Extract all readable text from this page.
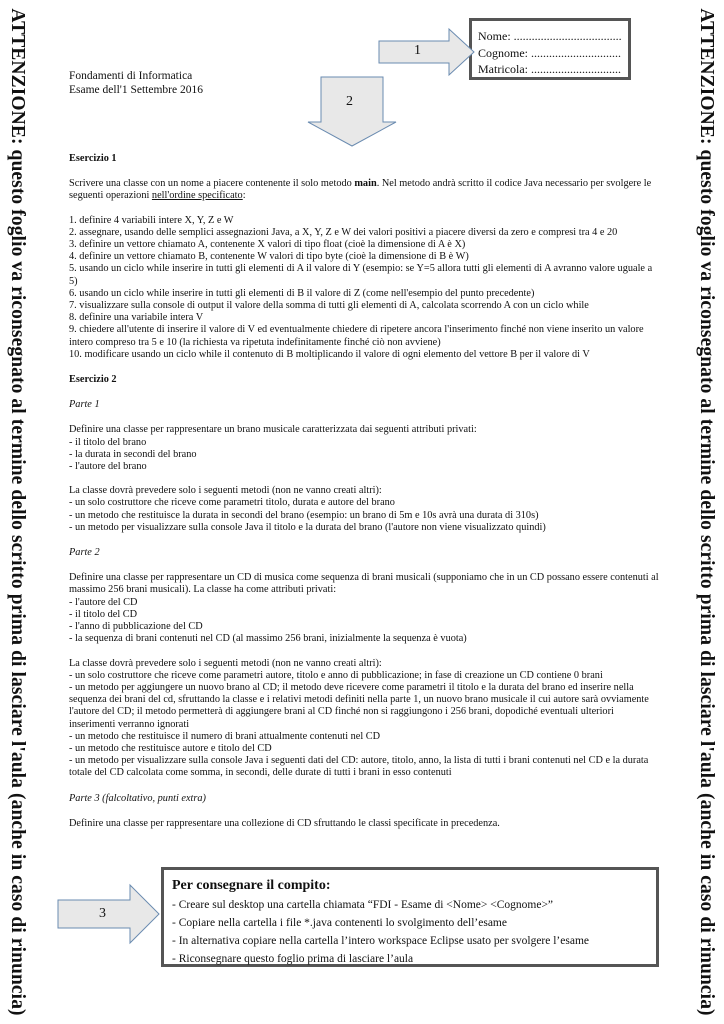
ATTENZIONE: questo foglio va riconsegnato al termine dello scritto prima di lasciare l'aula (anche in caso di rinuncia)	ATTENZIONE: questo foglio va riconsegnato al termine dello scritto prima di lasciare l'aula (anche in caso di rinuncia)
Nome: ....................................
Cognome: ..............................
Matricola: ..............................
1
2
3
Fondamenti di Informatica
Esame dell'1 Settembre 2016

Esercizio 1

Scrivere una classe con un nome a piacere contenente il solo metodo main. Nel metodo andrà scritto il codice Java necessario per svolgere le seguenti operazioni nell'ordine specificato:

1. definire 4 variabili intere X, Y, Z e W

2. assegnare, usando delle semplici assegnazioni Java, a X, Y, Z e W dei valori positivi a piacere diversi da zero e compresi tra 4 e 20

3. definire un vettore chiamato A, contenente X valori di tipo float (cioè la dimensione di A è X)

4. definire un vettore chiamato B, contenente W valori di tipo byte (cioè la dimensione di B è W)

5. usando un ciclo while inserire in tutti gli elementi di A il valore di Y (esempio: se Y=5 allora tutti gli elementi di A avranno valore uguale a 5)

6. usando un ciclo while inserire in tutti gli elementi di B il valore di Z (come nell'esempio del punto precedente)

7. visualizzare sulla console di output il valore della somma di tutti gli elementi di A, calcolata scorrendo A con un ciclo while

8. definire una variabile intera V

9. chiedere all'utente di inserire il valore di V ed eventualmente chiedere di ripetere ancora l'inserimento finché non viene inserito un valore intero compreso tra 5 e 10 (la richiesta va ripetuta indefinitamente finché ciò non avviene)

10. modificare usando un ciclo while il contenuto di B moltiplicando il valore di ogni elemento del vettore B per il valore di V

Esercizio 2

Parte 1

Definire una classe per rappresentare un brano musicale caratterizzata dai seguenti attributi privati:

- il titolo del brano

- la durata in secondi del brano

- l'autore del brano

La classe dovrà prevedere solo i seguenti metodi (non ne vanno creati altri):

- un solo costruttore che riceve come parametri titolo, durata e autore del brano

- un metodo che restituisce la durata in secondi del brano (esempio: un brano di 5m e 10s avrà una durata di 310s)

- un metodo per visualizzare sulla console Java il titolo e la durata del brano (l'autore non viene visualizzato quindi)

Parte 2

Definire una classe per rappresentare un CD di musica come sequenza di brani musicali (supponiamo che in un CD possano essere contenuti al massimo 256 brani musicali). La classe ha come attributi privati:

- l'autore del CD

- il titolo del CD

- l'anno di pubblicazione del CD

- la sequenza di brani contenuti nel CD (al massimo 256 brani, inizialmente la sequenza è vuota)

La classe dovrà prevedere solo i seguenti metodi (non ne vanno creati altri):

- un solo costruttore che riceve come parametri autore, titolo e anno di pubblicazione; in fase di creazione un CD contiene 0 brani

- un metodo per aggiungere un nuovo brano al CD; il metodo deve ricevere come parametri il titolo e la durata del brano ed inserire nella sequenza dei brani del cd, sfruttando la classe e i relativi metodi definiti nella parte 1, un nuovo brano musicale il cui autore sarà ovviamente l'autore del CD; il metodo permetterà di aggiungere brani al CD finché non si raggiungono i 256 brani, dopodiché eventuali ulteriori inserimenti verranno ignorati

- un metodo che restituisce il numero di brani attualmente contenuti nel CD

- un metodo che restituisce autore e titolo del CD

- un metodo per visualizzare sulla console Java i seguenti dati del CD: autore, titolo, anno, la lista di tutti i brani contenuti nel CD e la durata totale del CD calcolata come somma, in secondi, delle durate di tutti i brani in esso contenuti

Parte 3 (falcoltativo, punti extra)

Definire una classe per rappresentare una collezione di CD sfruttando le classi specificate in precedenza.

Per consegnare il compito:
- Creare sul desktop una cartella chiamata “FDI - Esame di <Nome> <Cognome>”
- Copiare nella cartella i file *.java contenenti lo svolgimento dell’esame
- In alternativa copiare nella cartella l’intero workspace Eclipse usato per svolgere l’esame
- Riconsegnare questo foglio prima di lasciare l’aula
